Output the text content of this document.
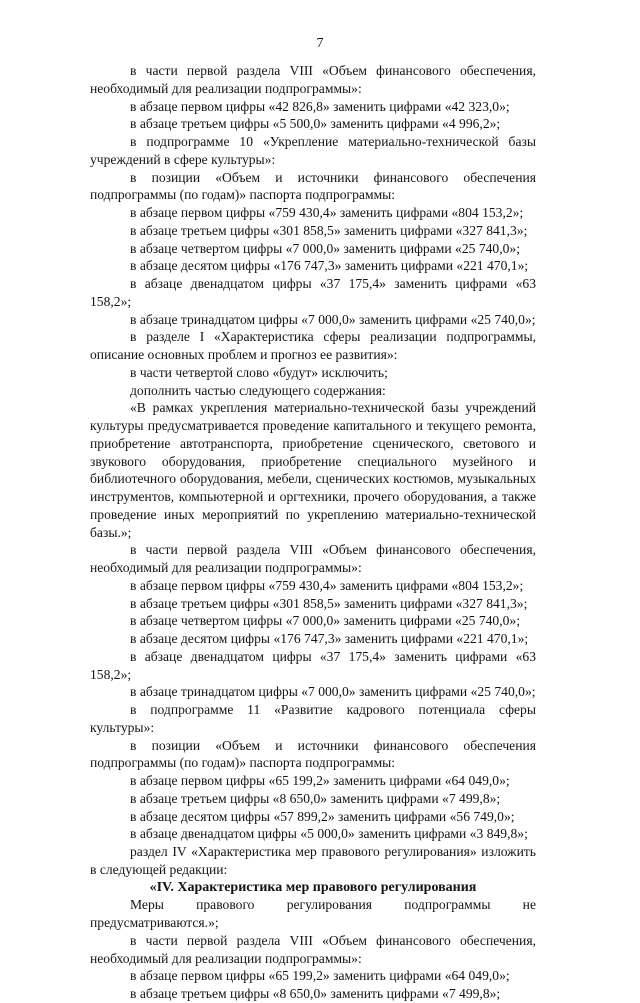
7

в части первой раздела VIII «Объем финансового обеспечения, необходимый для реализации подпрограммы»:

в абзаце первом цифры «42 826,8» заменить цифрами «42 323,0»;

в абзаце третьем цифры «5 500,0» заменить цифрами «4 996,2»;

в подпрограмме 10 «Укрепление материально-технической базы учреждений в сфере культуры»:

в позиции «Объем и источники финансового обеспечения подпрограммы (по годам)» паспорта подпрограммы:

в абзаце первом цифры «759 430,4» заменить цифрами «804 153,2»;

в абзаце третьем цифры «301 858,5» заменить цифрами «327 841,3»;

в абзаце четвертом цифры «7 000,0» заменить цифрами «25 740,0»;

в абзаце десятом цифры «176 747,3» заменить цифрами «221 470,1»;

в абзаце двенадцатом цифры «37 175,4» заменить цифрами «63 158,2»;

в абзаце тринадцатом цифры «7 000,0» заменить цифрами «25 740,0»;

в разделе I «Характеристика сферы реализации подпрограммы, описание основных проблем и прогноз ее развития»:

в части четвертой слово «будут» исключить;

дополнить частью следующего содержания:

«В рамках укрепления материально-технической базы учреждений культуры предусматривается проведение капитального и текущего ремонта, приобретение автотранспорта, приобретение сценического, светового и звукового оборудования, приобретение специального музейного и библиотечного оборудования, мебели, сценических костюмов, музыкальных инструментов, компьютерной и оргтехники, прочего оборудования, а также проведение иных мероприятий по укреплению материально-технической базы.»;

в части первой раздела VIII «Объем финансового обеспечения, необходимый для реализации подпрограммы»:

в абзаце первом цифры «759 430,4» заменить цифрами «804 153,2»;

в абзаце третьем цифры «301 858,5» заменить цифрами «327 841,3»;

в абзаце четвертом цифры «7 000,0» заменить цифрами «25 740,0»;

в абзаце десятом цифры «176 747,3» заменить цифрами «221 470,1»;

в абзаце двенадцатом цифры «37 175,4» заменить цифрами «63 158,2»;

в абзаце тринадцатом цифры «7 000,0» заменить цифрами «25 740,0»;

в подпрограмме 11 «Развитие кадрового потенциала сферы культуры»:

в позиции «Объем и источники финансового обеспечения подпрограммы (по годам)» паспорта подпрограммы:

в абзаце первом цифры «65 199,2» заменить цифрами «64 049,0»;

в абзаце третьем цифры «8 650,0» заменить цифрами «7 499,8»;

в абзаце десятом цифры «57 899,2» заменить цифрами «56 749,0»;

в абзаце двенадцатом цифры «5 000,0» заменить цифрами «3 849,8»;

раздел IV «Характеристика мер правового регулирования» изложить в следующей редакции:

«IV. Характеристика мер правового регулирования

Меры правового регулирования подпрограммы не предусматриваются.»;

в части первой раздела VIII «Объем финансового обеспечения, необходимый для реализации подпрограммы»:

в абзаце первом цифры «65 199,2» заменить цифрами «64 049,0»;

в абзаце третьем цифры «8 650,0» заменить цифрами «7 499,8»;
